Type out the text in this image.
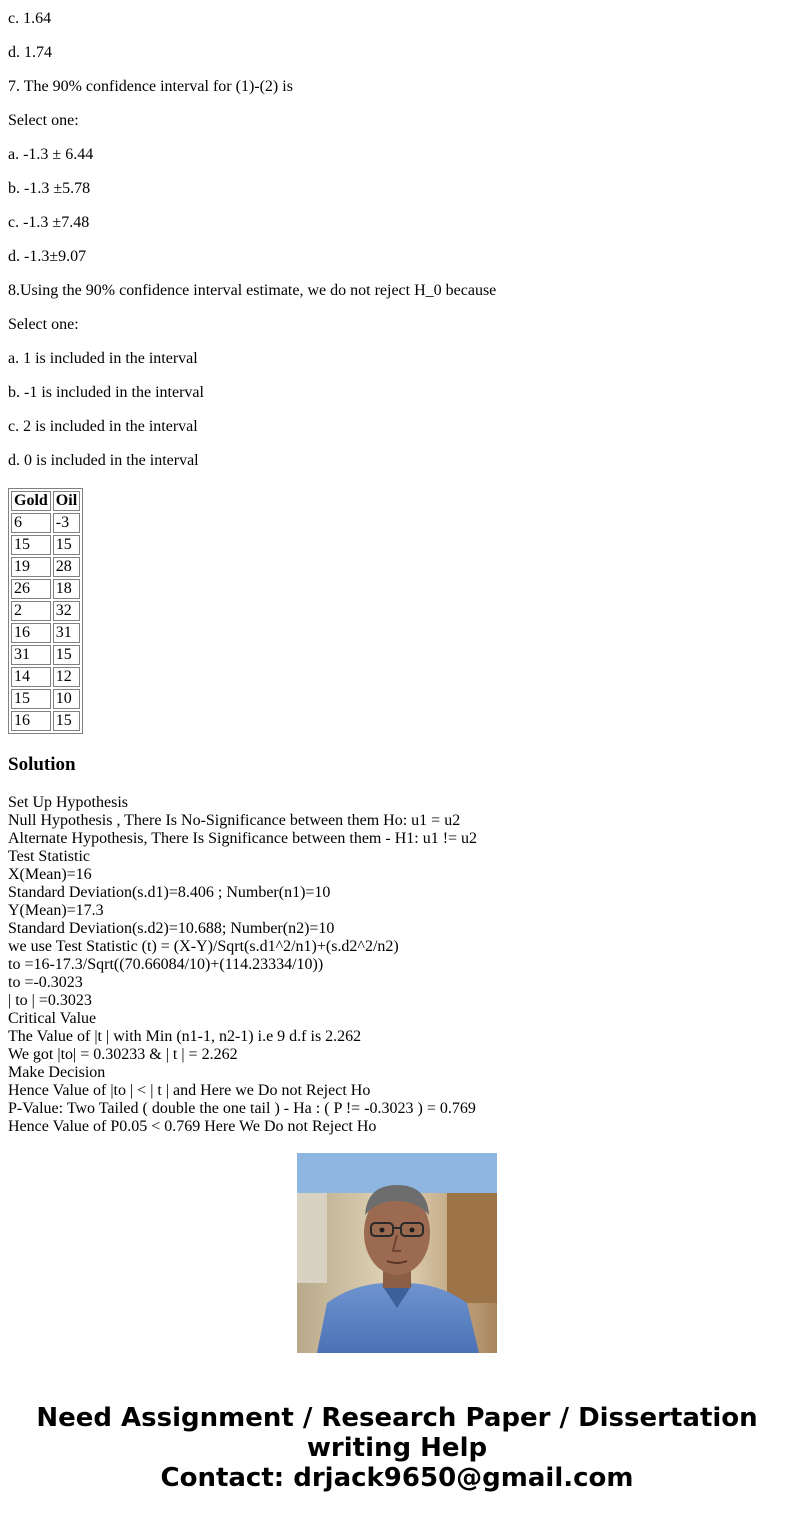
c. 1.64

d. 1.74

7. The 90% confidence interval for (1)-(2) is

Select one:

a. -1.3 ± 6.44

b. -1.3 ±5.78

c. -1.3 ±7.48

d. -1.3±9.07

8.Using the 90% confidence interval estimate, we do not reject H_0 because

Select one:

a. 1 is included in the interval

b. -1 is included in the interval

c. 2 is included in the interval

d. 0 is included in the interval

Gold	Oil
6	-3
15	15
19	28
26	18
2	32
16	31
31	15
14	12
15	10
16	15
Solution

Set Up Hypothesis

Null Hypothesis , There Is No-Significance between them Ho: u1 = u2

Alternate Hypothesis, There Is Significance between them - H1: u1 != u2

Test Statistic

X(Mean)=16

Standard Deviation(s.d1)=8.406 ; Number(n1)=10

Y(Mean)=17.3

Standard Deviation(s.d2)=10.688; Number(n2)=10

we use Test Statistic (t) = (X-Y)/Sqrt(s.d1^2/n1)+(s.d2^2/n2)

to =16-17.3/Sqrt((70.66084/10)+(114.23334/10))

to =-0.3023

| to | =0.3023

Critical Value

The Value of |t | with Min (n1-1, n2-1) i.e 9 d.f is 2.262

We got |to| = 0.30233 & | t | = 2.262

Make Decision

Hence Value of |to | < | t | and Here we Do not Reject Ho

P-Value: Two Tailed ( double the one tail ) - Ha : ( P != -0.3023 ) = 0.769

Hence Value of P0.05 < 0.769 Here We Do not Reject Ho

Need Assignment / Research Paper / Dissertation
writing Help
Contact: drjack9650@gmail.com
